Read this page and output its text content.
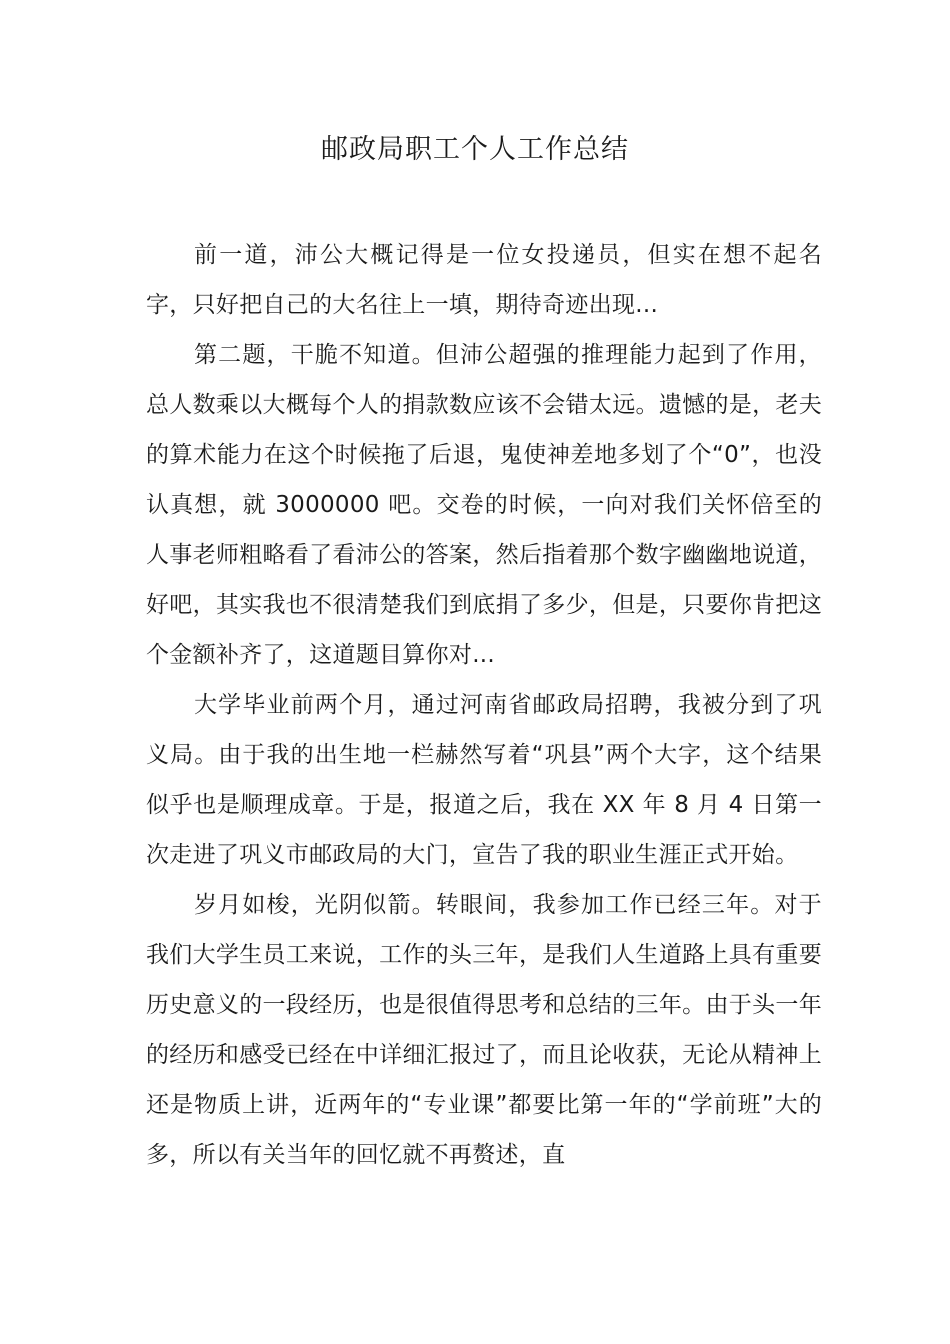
邮政局职工个人工作总结

前一道，沛公大概记得是一位女投递员，但实在想不起名字，只好把自己的大名往上一填，期待奇迹出现...

第二题，干脆不知道。但沛公超强的推理能力起到了作用，总人数乘以大概每个人的捐款数应该不会错太远。遗憾的是，老夫的算术能力在这个时候拖了后退，鬼使神差地多划了个“0”，也没认真想，就 3000000 吧。交卷的时候，一向对我们关怀倍至的人事老师粗略看了看沛公的答案，然后指着那个数字幽幽地说道，好吧，其实我也不很清楚我们到底捐了多少，但是，只要你肯把这个金额补齐了，这道题目算你对...

大学毕业前两个月，通过河南省邮政局招聘，我被分到了巩义局。由于我的出生地一栏赫然写着“巩县”两个大字，这个结果似乎也是顺理成章。于是，报道之后，我在 XX 年 8 月 4 日第一次走进了巩义市邮政局的大门，宣告了我的职业生涯正式开始。

岁月如梭，光阴似箭。转眼间，我参加工作已经三年。对于我们大学生员工来说，工作的头三年，是我们人生道路上具有重要历史意义的一段经历，也是很值得思考和总结的三年。由于头一年的经历和感受已经在中详细汇报过了，而且论收获，无论从精神上还是物质上讲，近两年的“专业课”都要比第一年的“学前班”大的多，所以有关当年的回忆就不再赘述，直
